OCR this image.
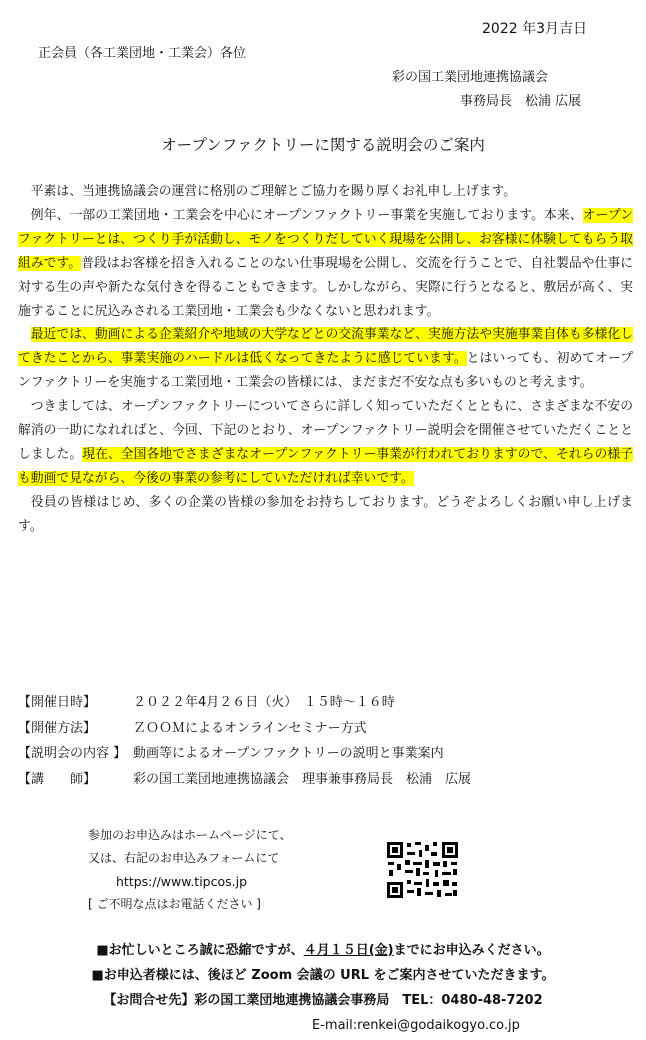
2022 年3月吉日
正会員（各工業団地・工業会）各位
彩の国工業団地連携協議会
事務局長　松浦 広展
オープンファクトリーに関する説明会のご案内

平素は、当連携協議会の運営に格別のご理解とご協力を賜り厚くお礼申し上げます。

例年、一部の工業団地・工業会を中心にオープンファクトリー事業を実施しております。本来、オープンファクトリーとは、つくり手が活動し、モノをつくりだしていく現場を公開し、お客様に体験してもらう取組みです。普段はお客様を招き入れることのない仕事現場を公開し、交流を行うことで、自社製品や仕事に対する生の声や新たな気付きを得ることもできます。しかしながら、実際に行うとなると、敷居が高く、実施することに尻込みされる工業団地・工業会も少なくないと思われます。

最近では、動画による企業紹介や地域の大学などとの交流事業など、実施方法や実施事業自体も多様化してきたことから、事業実施のハードルは低くなってきたように感じています。とはいっても、初めてオープンファクトリーを実施する工業団地・工業会の皆様には、まだまだ不安な点も多いものと考えます。

つきましては、オープンファクトリーについてさらに詳しく知っていただくとともに、さまざまな不安の解消の一助になれればと、今回、下記のとおり、オープンファクトリー説明会を開催させていただくこととしました。現在、全国各地でさまざまなオープンファクトリー事業が行われておりますので、それらの様子も動画で見ながら、今後の事業の参考にしていただければ幸いです。

役員の皆様はじめ、多くの企業の皆様の参加をお持ちしております。どうぞよろしくお願い申し上げます。

【開催日時】	２０２２年4月２６日（火）　１５時～１６時
【開催方法】	ＺＯＯＭによるオンラインセミナー方式
【説明会の内容 】 動画等によるオープンファクトリーの説明と事業案内
【講　　師】	彩の国工業団地連携協議会　理事兼事務局長　松浦　広展
参加のお申込みはホームページにて、
又は、右記のお申込みフォームにて
https://www.tipcos.jp
[ ご不明な点はお電話ください ]
■お忙しいところ誠に恐縮ですが、４月１５日(金)までにお申込みください。
■お申込者様には、後ほど Zoom 会議の URL をご案内させていただきます。
【お問合せ先】彩の国工業団地連携協議会事務局　TEL：0480-48-7202
E-mail:renkei@godaikogyo.co.jp
